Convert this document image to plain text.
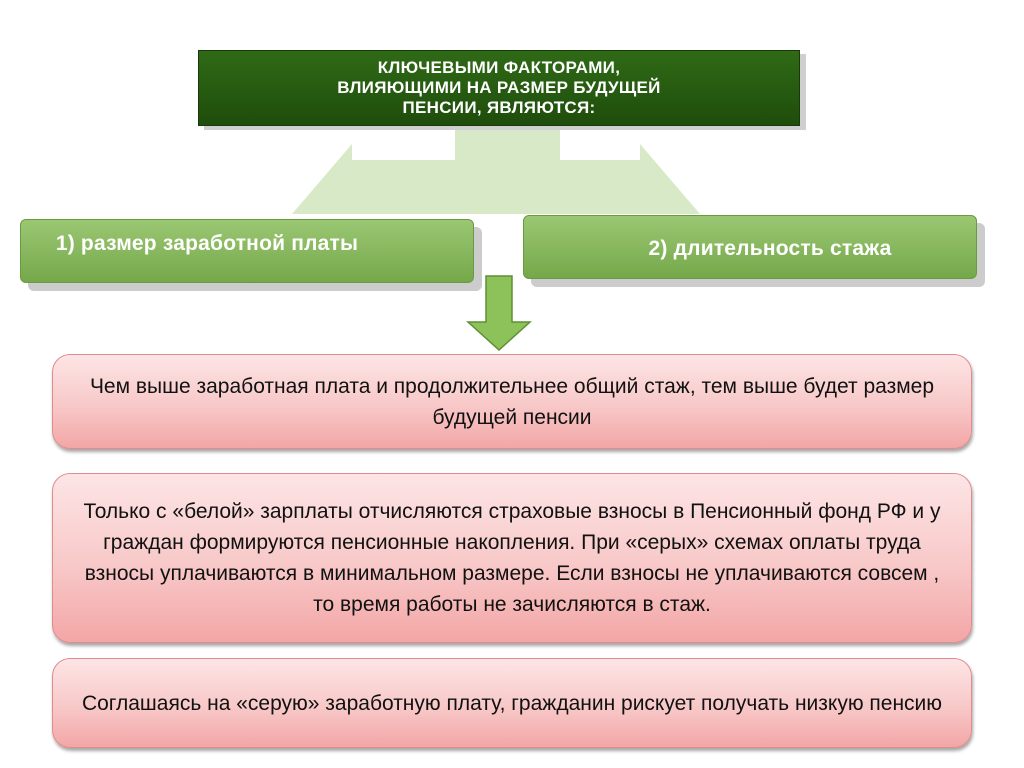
КЛЮЧЕВЫМИ ФАКТОРАМИ,
ВЛИЯЮЩИМИ НА РАЗМЕР БУДУЩЕЙ
ПЕНСИИ, ЯВЛЯЮТСЯ:
1) размер заработной платы	2) длительность стажа
Чем выше заработная плата и продолжительнее общий стаж, тем выше будет размер будущей пенсии
Только с «белой» зарплаты отчисляются страховые взносы в Пенсионный фонд РФ и у граждан формируются пенсионные накопления. При «серых» схемах оплаты труда взносы уплачиваются в минимальном размере. Если взносы не уплачиваются совсем , то время работы не зачисляются в стаж.
Соглашаясь на «серую» заработную плату, гражданин рискует получать низкую пенсию
